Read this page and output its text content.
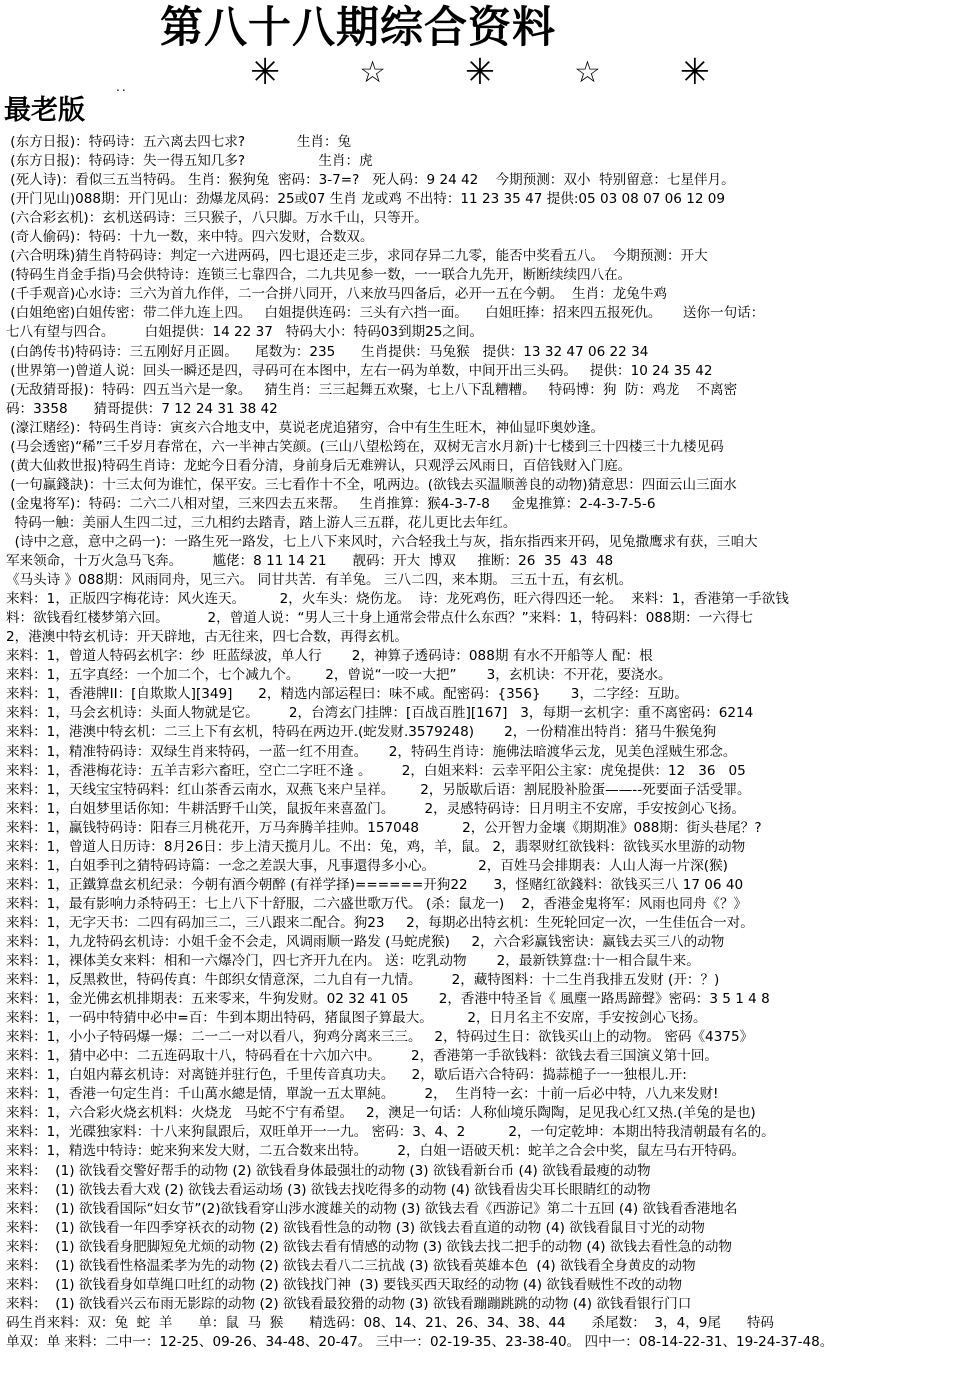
第八十八期综合资料
✳	☆ ✳	☆ ✳
..
最老版
(东方日报)：特码诗：五六离去四七求?            生肖：兔
(东方日报)：特码诗：失一得五知几多?                 生肖：虎
(死人诗)：看似三五当特码。 生肖：猴狗兔  密码：3-7=?   死人码：9 24 42    今期预测：双小  特别留意：七星伴月。
(开门见山)088期：开门见山：劲爆龙凤码：25或07 生肖 龙或鸡 不出特：11 23 35 47 提供:05 03 08 07 06 12 09
(六合彩玄机)：玄机送码诗：三只猴子，八只脚。万水千山，只等开。
(奇人偷码)：特码：十九一数，来中特。四六发财，合数双。
(六合明珠)猜生肖特码诗：判定一六进两码，四七退还走三步，求同存异二九零，能否中奖看五八。  今期预测：开大
(特码生肖金手指)马会供特诗：连锁三七靠四合，二九共见参一数，一一联合九先开，断断续续四八在。
(千手观音)心水诗：三六为首九作伴，二一合拼八同开，八来放马四备后，必开一五在今朝。  生肖：龙兔牛鸡
(白姐绝密)白姐传密：带二伴九连上四。   白姐提供连码：三头有六挡一面。    白姐旺捧：招来四五报死仇。     送你一句话：
七八有望与四合。       白姐提供：14 22 37   特码大小：特码03到期25之间。
(白鸽传书)特码诗：三五刚好月正圆。    尾数为：235      生肖提供：马兔猴   提供：13 32 47 06 22 34
(世界第一)曾道人说：回头一瞬还是四，寻码可在本图中，左右一码为单数，中间开出三头码。   提供：10 24 35 42
(无敌猜哥报)：特码：四五当六是一象。   猜生肖：三三起舞五欢聚，七上八下乱糟糟。   特码博：狗  防：鸡龙    不离密
码：3358      猜哥提供：7 12 24 31 38 42
(濠江赌经)：特码生肖诗：寅亥六合地支中，莫说老虎追猪穷，合中有生生旺木，神仙显吓奥妙逢。
(马会透密)“稀”三千岁月春常在，六一半神古笑颜。(三山八望松筠在，双树无言水月新)十七楼到三十四楼三十九楼见码
(黄大仙救世报)特码生肖诗：龙蛇今日看分清，身前身后无难辨认，只观浮云风雨日，百倍钱财入门庭。
(一句赢錢訣)：十三太何为谁忙，保平安。三七看作十不全，吼两边。(欲钱去买温顺善良的动物)猜意思：四面云山三面水
(金鬼将军)：特码：二六二八相对望，三来四去五来帮。   生肖推算：猴4-3-7-8     金鬼推算：2-4-3-7-5-6
特码一触：美丽人生四二过，三九相约去踏青，踏上游人三五群，花儿更比去年红。
(诗中之意，意中之码一)：一路生死一路发，七上八下来风时，六合轻我土与灰，指东指西来开码，见兔撒鹰求有获，三咱大
军来领命，十万火急马飞奔。       尴佬：8 11 14 21      靓码：开大  博双     推断：26  35  43  48
《马头诗 》088期：风雨同舟，见三六。 同甘共苦．有羊兔。 三八二四，来本期。 三五十五，有玄机。
来料：1，正版四字梅花诗：风火连天。        2，火车头：烧伤龙。  诗：龙死鸡伤，旺六得四还一轮。  来料：1，香港第一手欲钱
料：欲钱看红楼梦第六回。         2，曾道人说：“男人三十身上通常会带点什么东西？”来料：1，特码料：088期：一六得七
2，港澳中特玄机诗：开天辟地，古无往来，四七合数，再得玄机。
来料：1，曾道人特码玄机字：纱  旺蓝绿波，单人行       2，神算子透码诗：088期 有水不开船等人 配：根
来料：1，五字真经：一个加二个，七个减九个。      2，曾说“一咬一大把”       3，玄机诀：不开花，要浇水。
来料：1，香港牌II：[自欺欺人][349]      2，精选内部运程曰：味不咸。配密码：{356}       3，二字经：互助。
来料：1，马会玄机诗：头面人物就是它。       2，台湾玄门挂牌：[百战百胜][167]   3，每期一玄机字：重不离密码：6214
来料：1，港澳中特玄机：二三上下有玄机，特码在两边开.(蛇发财.3579248)       2，一份精准出特肖：猪马牛猴兔狗
来料：1，精准特码诗：双绿生肖来特码，一蓝一红不用查。     2，特码生肖诗：施佛法暗渡华云龙，见美色淫贼生邪念。
来料：1，香港梅花诗：五羊吉彩六畜旺，空亡二字旺不逢 。       2，白姐来料：云幸平阳公主家：虎兔提供：12   36   05
来料：1，天线宝宝特码料：红山茶香云南水，双燕飞来户呈祥。      2，另版歇后语：割屁股补脸蛋——--死要面子活受罪。
来料：1，白姐梦里话你知：牛耕活野千山笑，鼠扳年来喜盈门。       2，灵感特码诗：日月明主不安席，手安按剑心飞扬。
来料：1，赢钱特码诗：阳春三月桃花开，万马奔腾羊挂帅。157048          2，公开智力金壤《期期准》088期：街头巷尾？?
来料：1，曾道人日历诗：8月26日：步上清天揽月儿。不出：兔，鸡，羊，鼠。 2，翡翠财红欲钱料：欲钱买水里游的动物
来料：1，白姐季刊之猜特码诗篇：一念之差誤大事，凡事還得多小心。          2，百姓马会排期表：人山人海一片深(猴)
来料：1，正鐵算盘玄机纪录：今朝有酒今朝醉 (有祥学择)======开狗22      3，怪赌红欲錢料：欲钱买三八 17 06 40
来料：1，最有影响力杀特码王：七上八下十舒服，二六盛世歌万代。 (杀：鼠龙一)    2，香港金鬼将军：风雨也同舟《？》
来料：1，无字天书：二四有码加三二，三八跟来二配合。狗23     2，每期必出特玄机：生死轮回定一次，一生佳伍合一对。
来料：1，九龙特码玄机诗：小姐千金不会走，风调雨顺一路发 (马蛇虎猴)     2，六合彩赢钱密诀：赢钱去买三八的动物
来料：1，裸体美女来料：相和一六爆冷门，四七齐开九在内。 送：吃乳动物       2，最新铁算盘:十一相合鼠牛来。
来料：1，反黑救世，特码传真：牛郎织女情意深，二九自有一九情。       2，藏特图料：十二生肖我排五发财 (开：？)
来料：1，金光佛玄机排期表：五来零来，牛狗发财。02 32 41 05       2，香港中特圣旨《 風塵一路馬蹄聲》密码：3 5 1 4 8
来料：1，一码中特猜中必中=百：牛到本期出特码，猪鼠图子算最大。        2，日月名主不安席，手安按剑心飞扬。
来料：1，小小子特码爆一爆：二一二一对以看八，狗鸡分离来三三。   2，特码过生日：欲钱买山上的动物。 密码《4375》
来料：1，猜中必中：二五连码取十八，特码看在十六加六中。       2，香港第一手欲钱料：欲钱去看三国演义第十回。
来料：1，白姐内幕玄机诗：对离链并驻行色，千里传音真功夫。    2，歇后语六合特码：捣蒜槌子一一独根儿.开:
来料：1，香港一句定生肖：千山萬水總是情，單說一五太單純。       2，  生肖特一玄：十前一后必中特，八九来发财!
来料：1，六合彩火烧玄机料：火烧龙   马蛇不宁有希望。   2，澳足一句话：人称仙境乐陶陶，足见我心红又热.(羊兔的是也)
来料：1，光碟独家料：十八来狗鼠跟后，双旺单开一一九。 密码：3、4、2          2，一句定乾坤：本期出特我清朝最有名的。
来料：1，精选中特诗：蛇来狗来发大财，二五合数来出特。       2，白姐一语破天机：蛇羊之合会中奖，鼠左马右开特码。
来料：  (1) 欲钱看交警好帮手的动物 (2) 欲钱看身体最强壮的动物 (3) 欲钱看新台币 (4) 欲钱看最瘦的动物
来料：  (1) 欲钱去看大戏 (2) 欲钱去看运动场 (3) 欲钱去找吃得多的动物 (4) 欲钱看齿尖耳长眼睛红的动物
来料：  (1) 欲钱看国际“妇女节”(2)欲钱看穿山涉水渡雄关的动物 (3) 欲钱去看《西游记》第二十五回 (4) 欲钱看香港地名
来料：  (1) 欲钱看一年四季穿袄衣的动物 (2) 欲钱看性急的动物 (3) 欲钱去看直道的动物 (4) 欲钱看鼠目寸光的动物
来料：  (1) 欲钱看身肥脚短免尤烦的动物 (2) 欲钱去看有情感的动物 (3) 欲钱去找二把手的动物 (4) 欲钱去看性急的动物
来料：  (1) 欲钱看性格温柔孝为先的动物 (2) 欲钱去看八二三抗战 (3) 欲钱看英雄本色  (4) 欲钱看全身黄皮的动物
来料：  (1) 欲钱看身如草绳口吐红的动物 (2) 欲钱找门神  (3) 要钱买西天取经的动物 (4) 欲钱看贼性不改的动物
来料：  (1) 欲钱看兴云布雨无影踪的动物 (2) 欲钱看最狡猾的动物 (3) 欲钱看蹦蹦跳跳的动物 (4) 欲钱看银行门口
码生肖来料：双：兔  蛇  羊      单：鼠  马  猴      精选码：08、14、21、26、34、38、44      杀尾数：  3，4，9尾      特码
单双：单 来料：二中一：12-25、09-26、34-48、20-47。 三中一：02-19-35、23-38-40。 四中一：08-14-22-31、19-24-37-48。
